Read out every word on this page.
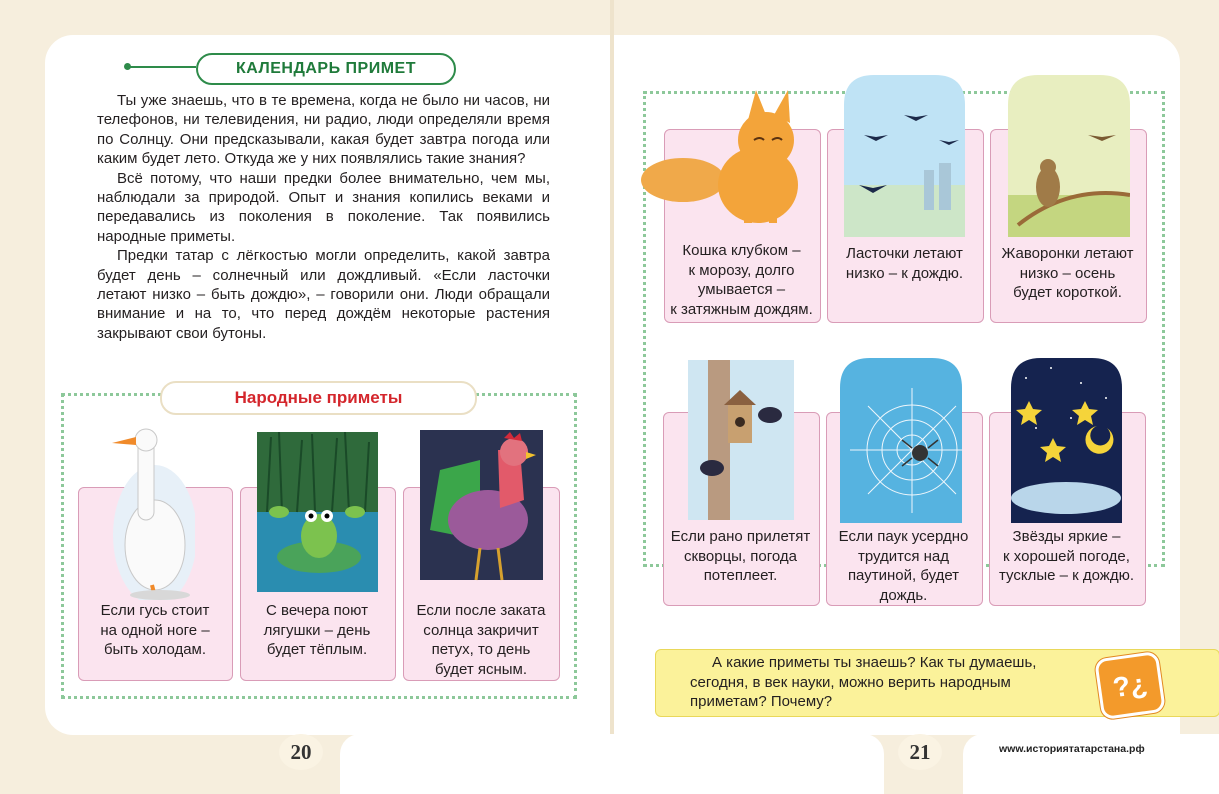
КАЛЕНДАРЬ ПРИМЕТ

Ты уже знаешь, что в те времена, когда не было ни часов, ни телефонов, ни телевидения, ни радио, люди определяли время по Солнцу. Они предсказывали, какая будет завтра погода или каким будет лето. Откуда же у них появлялись такие знания?

Всё потому, что наши предки более внимательно, чем мы, наблюдали за природой. Опыт и знания копились веками и передавались из поколения в поколение. Так появились народные приметы.

Предки татар с лёгкостью могли определить, какой завтра будет день – солнечный или дождливый. «Если ласточки летают низко – быть дождю», – говорили они. Люди обращали внимание и на то, что перед дождём некоторые растения закрывают свои бутоны.

Народные приметы
Если гусь стоит
на одной ноге –
быть холодам.
С вечера поют
лягушки – день
будет тёплым.
Если после заката
солнца закричит
петух, то день
будет ясным.
20
Кошка клубком –
к морозу, долго
умывается –
к затяжным дождям.
Ласточки летают
низко – к дождю.
Жаворонки летают
низко – осень
будет короткой.
Если рано прилетят
скворцы, погода
потеплеет.
Если паук усердно
трудится над
паутиной, будет
дождь.
Звёзды яркие –
к хорошей погоде,
тусклые – к дождю.
А какие приметы ты знаешь? Как ты думаешь,
сегодня, в век науки, можно верить народным
приметам? Почему?	?¿
21	www.историятатарстана.рф
